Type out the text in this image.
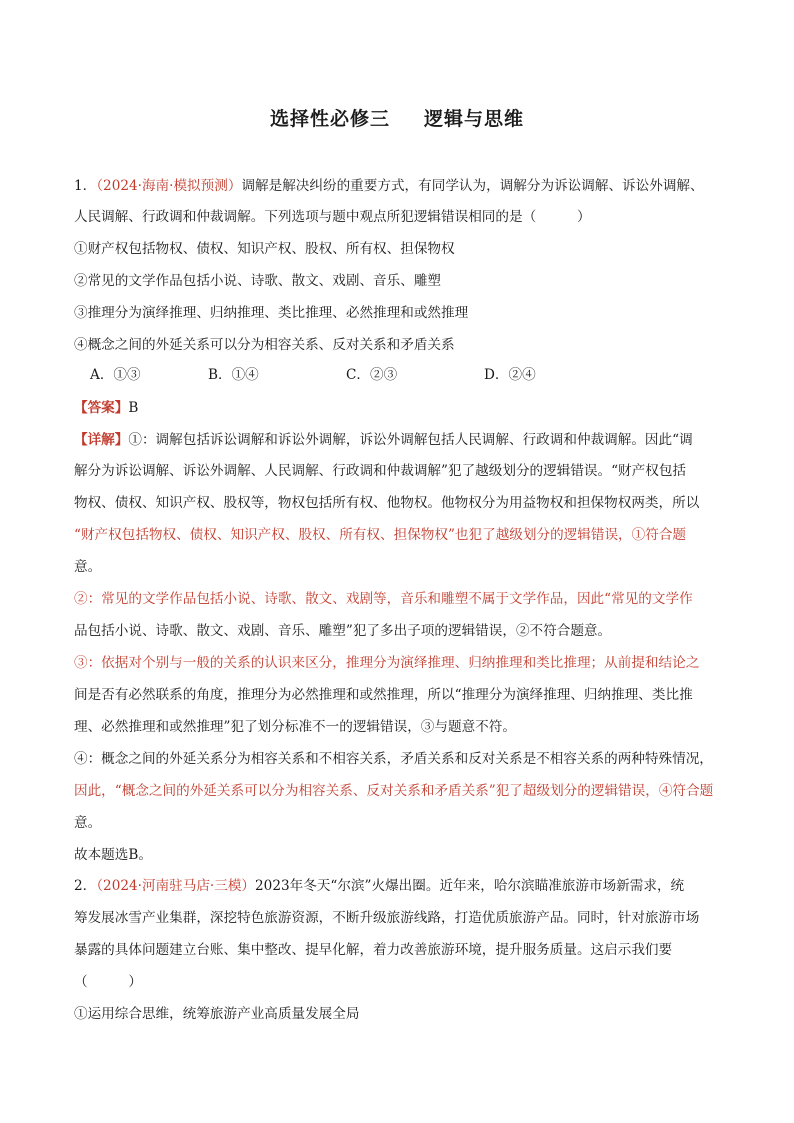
选择性必修三 逻辑与思维
1．（2024·海南·模拟预测）调解是解决纠纷的重要方式，有同学认为，调解分为诉讼调解、诉讼外调解、
人民调解、行政调和仲裁调解。下列选项与题中观点所犯逻辑错误相同的是（　　　）
①财产权包括物权、债权、知识产权、股权、所有权、担保物权
②常见的文学作品包括小说、诗歌、散文、戏剧、音乐、雕塑
③推理分为演绎推理、归纳推理、类比推理、必然推理和或然推理
④概念之间的外延关系可以分为相容关系、反对关系和矛盾关系
A．①③	B．①④	C．②③	D．②④
【答案】B
【详解】①：调解包括诉讼调解和诉讼外调解，诉讼外调解包括人民调解、行政调和仲裁调解。因此“调
解分为诉讼调解、诉讼外调解、人民调解、行政调和仲裁调解”犯了越级划分的逻辑错误。“财产权包括
物权、债权、知识产权、股权等，物权包括所有权、他物权。他物权分为用益物权和担保物权两类，所以
“财产权包括物权、债权、知识产权、股权、所有权、担保物权”也犯了越级划分的逻辑错误，①符合题
意。
②：常见的文学作品包括小说、诗歌、散文、戏剧等，音乐和雕塑不属于文学作品，因此“常见的文学作
品包括小说、诗歌、散文、戏剧、音乐、雕塑”犯了多出子项的逻辑错误，②不符合题意。
③：依据对个别与一般的关系的认识来区分，推理分为演绎推理、归纳推理和类比推理；从前提和结论之
间是否有必然联系的角度，推理分为必然推理和或然推理，所以“推理分为演绎推理、归纳推理、类比推
理、必然推理和或然推理”犯了划分标准不一的逻辑错误，③与题意不符。
④：概念之间的外延关系分为相容关系和不相容关系，矛盾关系和反对关系是不相容关系的两种特殊情况，
因此，“概念之间的外延关系可以分为相容关系、反对关系和矛盾关系”犯了超级划分的逻辑错误，④符合题
意。
故本题选B。
2．（2024·河南驻马店·三模）2023年冬天“尔滨”火爆出圈。近年来，哈尔滨瞄准旅游市场新需求，统
筹发展冰雪产业集群，深挖特色旅游资源，不断升级旅游线路，打造优质旅游产品。同时，针对旅游市场
暴露的具体问题建立台账、集中整改、提早化解，着力改善旅游环境，提升服务质量。这启示我们要
（　　　）
①运用综合思维，统筹旅游产业高质量发展全局
